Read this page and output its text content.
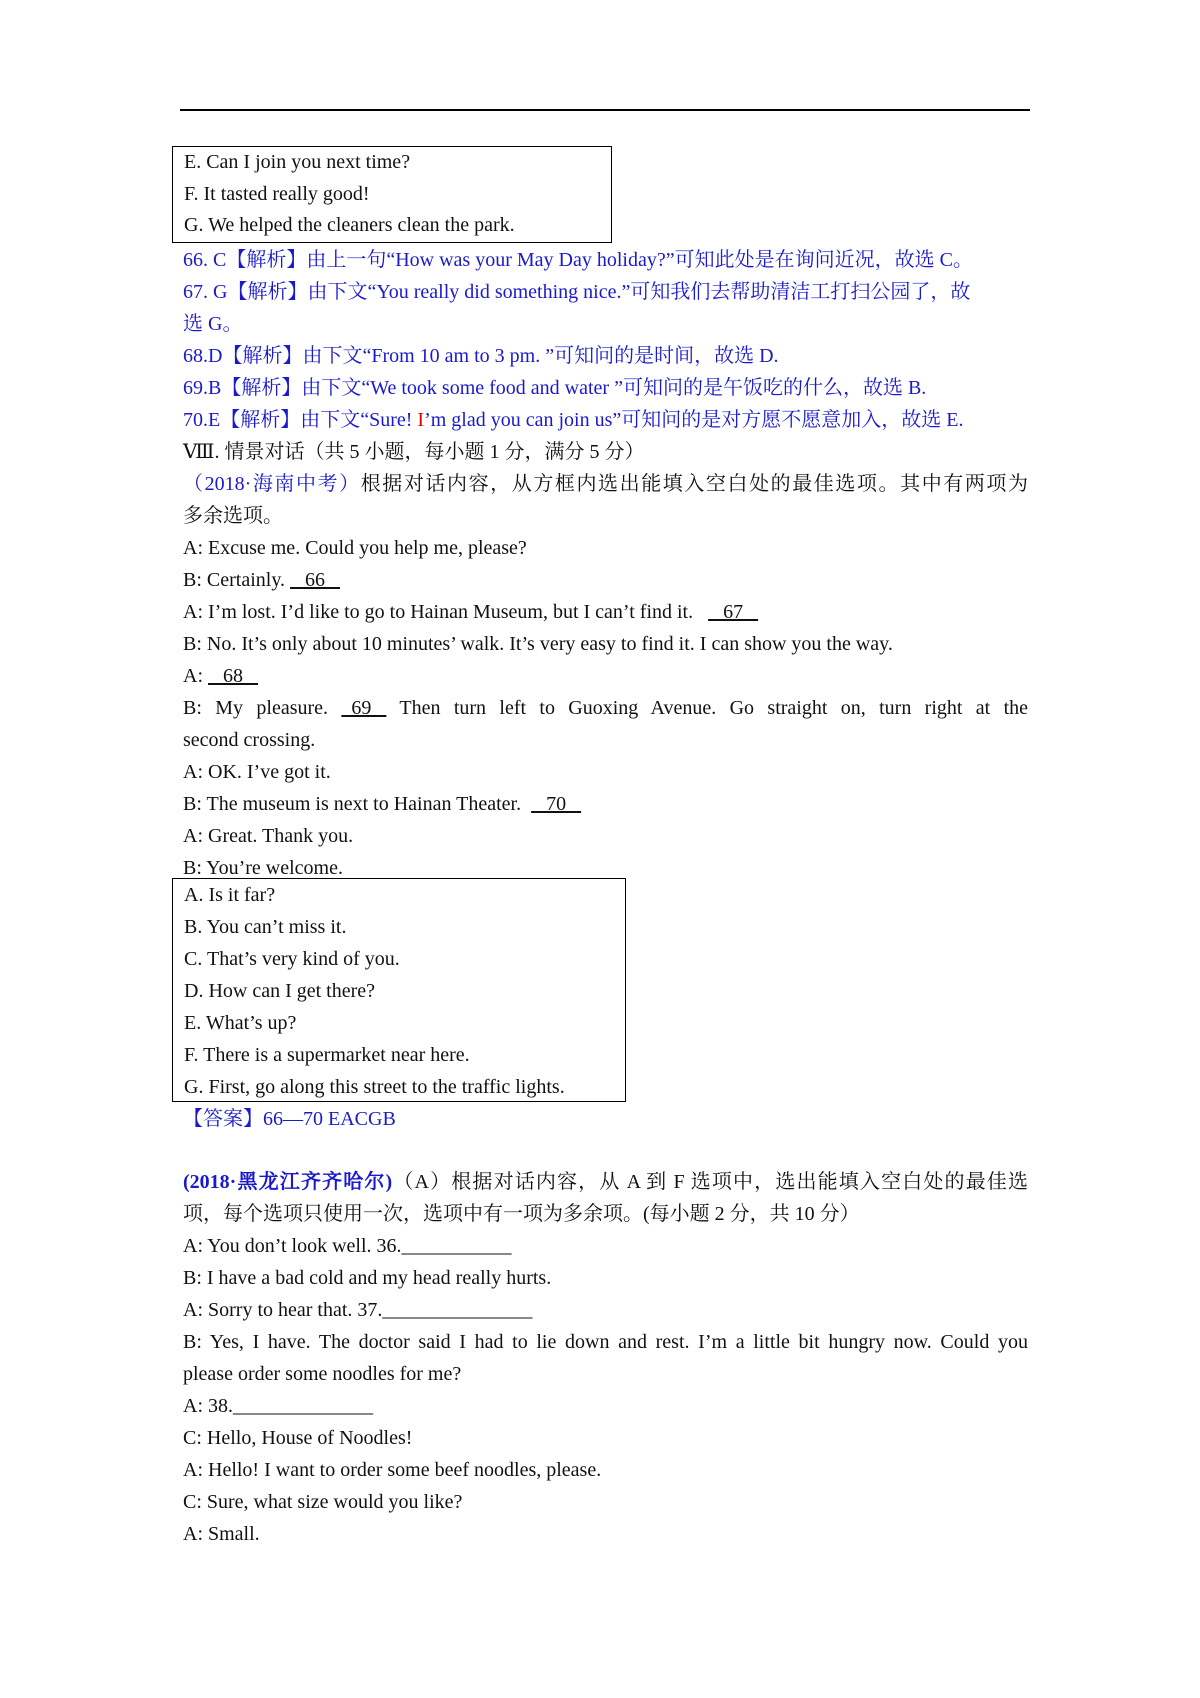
E. Can I join you next time?
F. It tasted really good!
G. We helped the cleaners clean the park.
66. C【解析】由上一句“How was your May Day holiday?”可知此处是在询问近况，故选 C。
67. G【解析】由下文“You really did something nice.”可知我们去帮助清洁工打扫公园了，故
选 G。
68.D【解析】由下文“From 10 am to 3 pm. ”可知问的是时间，故选 D.
69.B【解析】由下文“We took some food and water ”可知问的是午饭吃的什么，故选 B.
70.E【解析】由下文“Sure! I’m glad you can join us”可知问的是对方愿不愿意加入，故选 E.
Ⅷ. 情景对话（共 5 小题，每小题 1 分，满分 5 分）
（2018·海南中考）根据对话内容，从方框内选出能填入空白处的最佳选项。其中有两项为
多余选项。
A: Excuse me. Could you help me, please?
B: Certainly.    66
A: I’m lost. I’d like to go to Hainan Museum, but I can’t find it.      67
B: No. It’s only about 10 minutes’ walk. It’s very easy to find it. I can show you the way.
A:    68
B: My pleasure.   69    Then turn left to Guoxing Avenue. Go straight on, turn right at the
second crossing.
A: OK. I’ve got it.
B: The museum is next to Hainan Theater.     70
A: Great. Thank you.
B: You’re welcome.
A. Is it far?
B. You can’t miss it.
C. That’s very kind of you.
D. How can I get there?
E. What’s up?
F. There is a supermarket near here.
G. First, go along this street to the traffic lights.
【答案】66—70 EACGB
(2018·黑龙江齐齐哈尔)（A）根据对话内容，从 A 到 F 选项中，选出能填入空白处的最佳选
项，每个选项只使用一次，选项中有一项为多余项。(每小题 2 分，共 10 分）
A: You don’t look well. 36.___________
B: I have a bad cold and my head really hurts.
A: Sorry to hear that. 37._______________
B: Yes, I have. The doctor said I had to lie down and rest. I’m a little bit hungry now. Could you
please order some noodles for me?
A: 38.______________
C: Hello, House of Noodles!
A: Hello! I want to order some beef noodles, please.
C: Sure, what size would you like?
A: Small.
